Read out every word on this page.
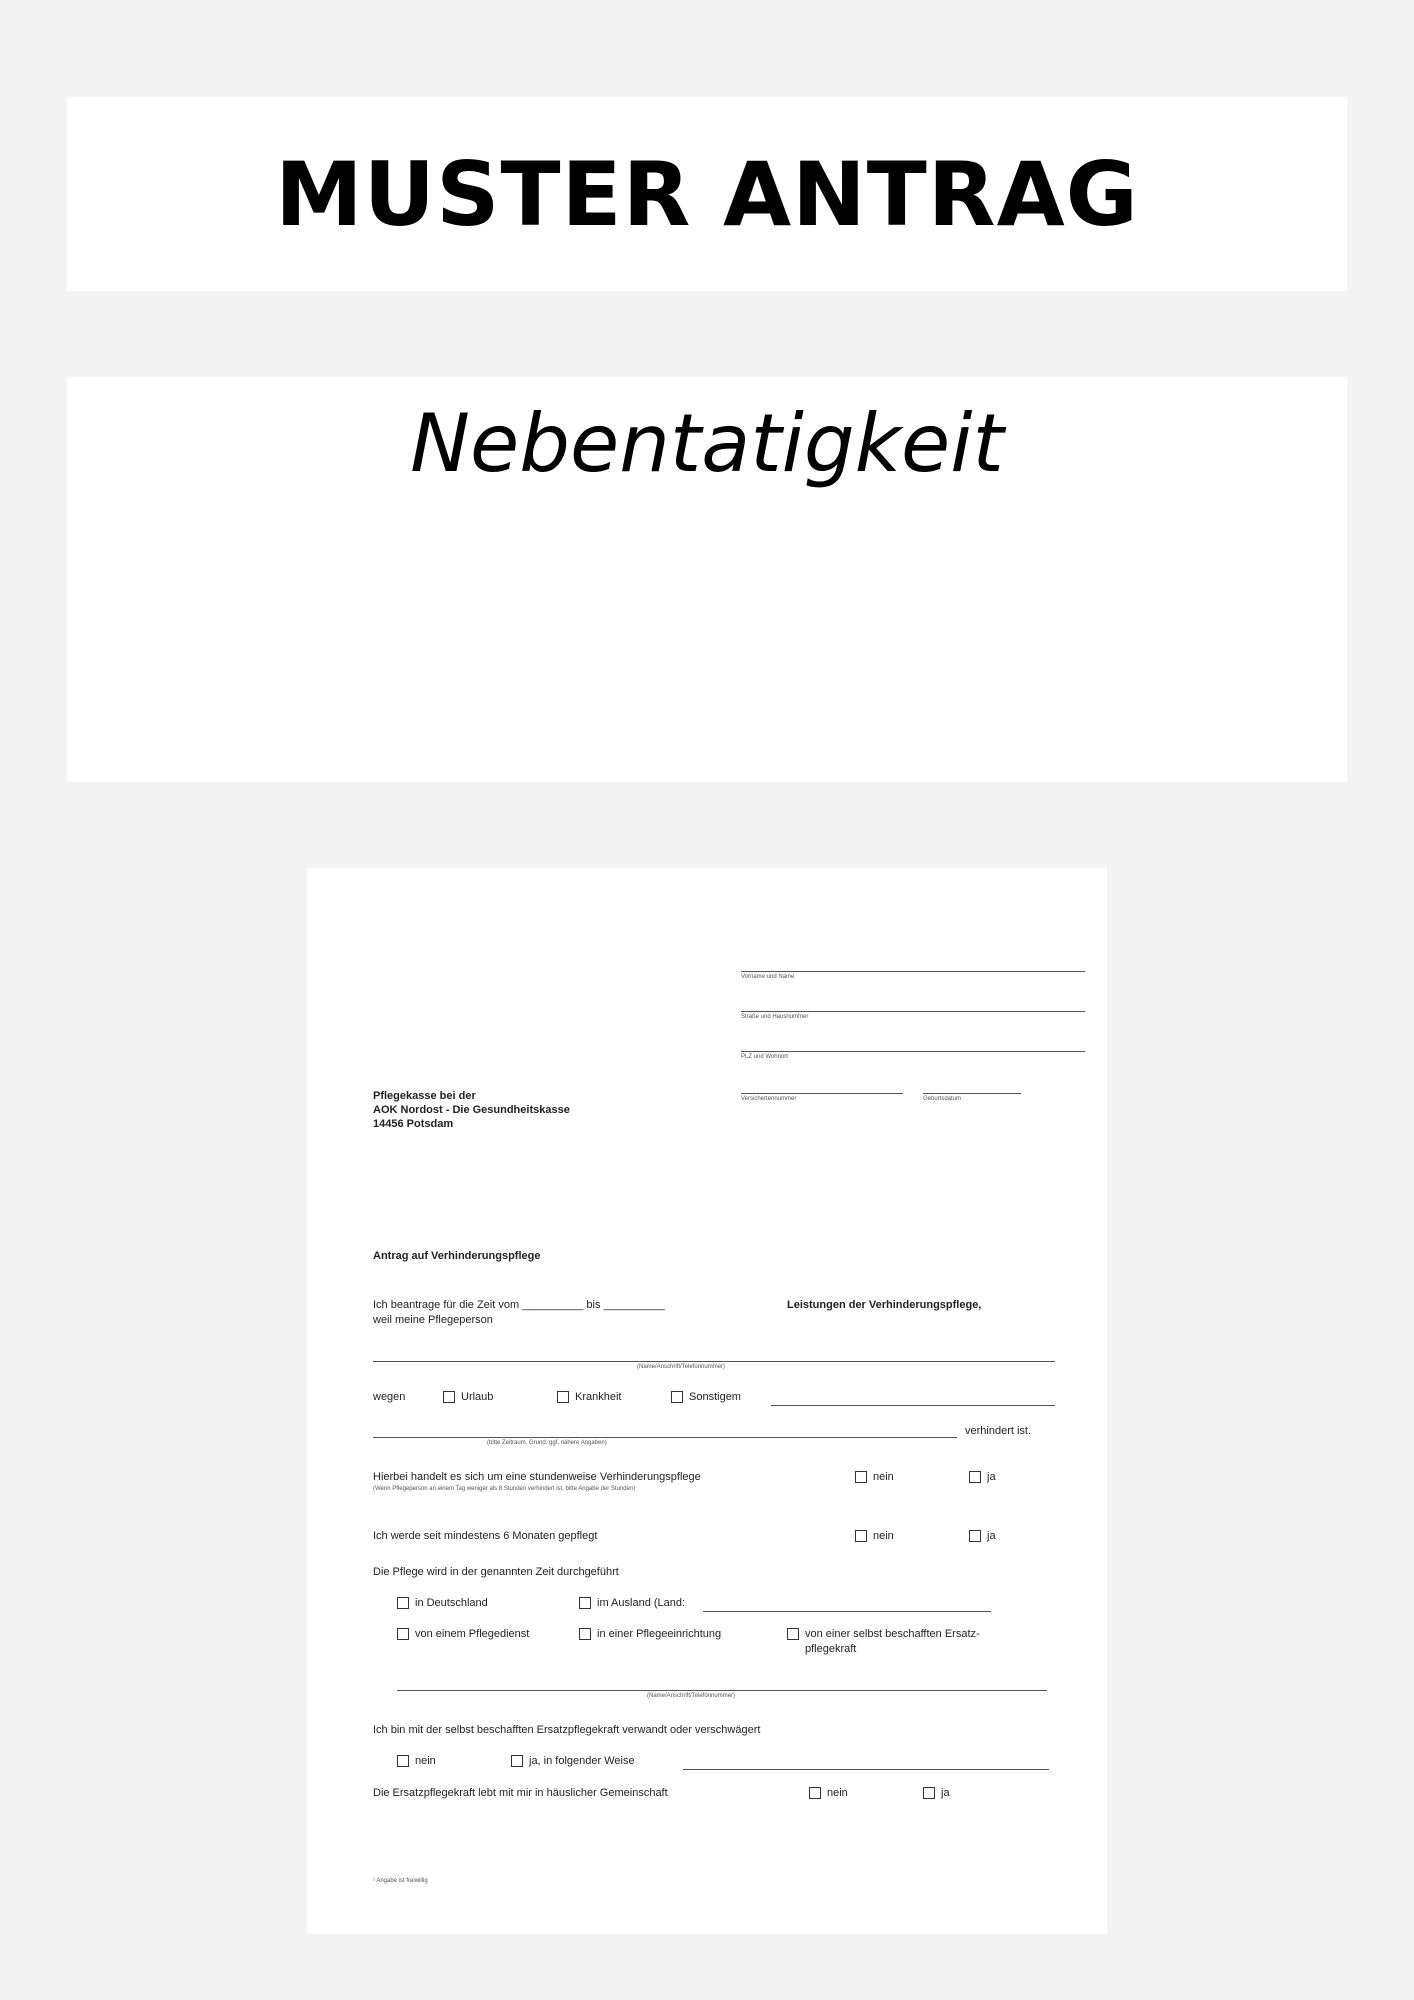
MUSTER ANTRAG
Nebentatigkeit
Vorname und Name
Straße und Hausnummer
PLZ und Wohnort
Versichertennummer	Geburtsdatum
Pflegekasse bei der
AOK Nordost - Die Gesundheitskasse
14456 Potsdam
Antrag auf Verhinderungspflege
Ich beantrage für die Zeit vom __________ bis __________	Leistungen der Verhinderungspflege,
weil meine Pflegeperson
(Name/Anschrift/Telefonnummer)
wegen	Urlaub	Krankheit	Sonstigem
verhindert ist.
(bitte Zeitraum, Grund, ggf. nähere Angaben)
Hierbei handelt es sich um eine stundenweise Verhinderungspflege
(Wenn Pflegeperson an einem Tag weniger als 8 Stunden verhindert ist, bitte Angabe der Stunden)
nein	ja
Ich werde seit mindestens 6 Monaten gepflegt	nein	ja
Die Pflege wird in der genannten Zeit durchgeführt
in Deutschland	im Ausland (Land:
von einem Pflegedienst	in einer Pflegeeinrichtung	von einer selbst beschafften Ersatz-
pflegekraft
(Name/Anschrift/Telefonnummer)
Ich bin mit der selbst beschafften Ersatzpflegekraft verwandt oder verschwägert
nein	ja, in folgender Weise
Die Ersatzpflegekraft lebt mit mir in häuslicher Gemeinschaft	nein	ja
¹ Angabe ist freiwillig
